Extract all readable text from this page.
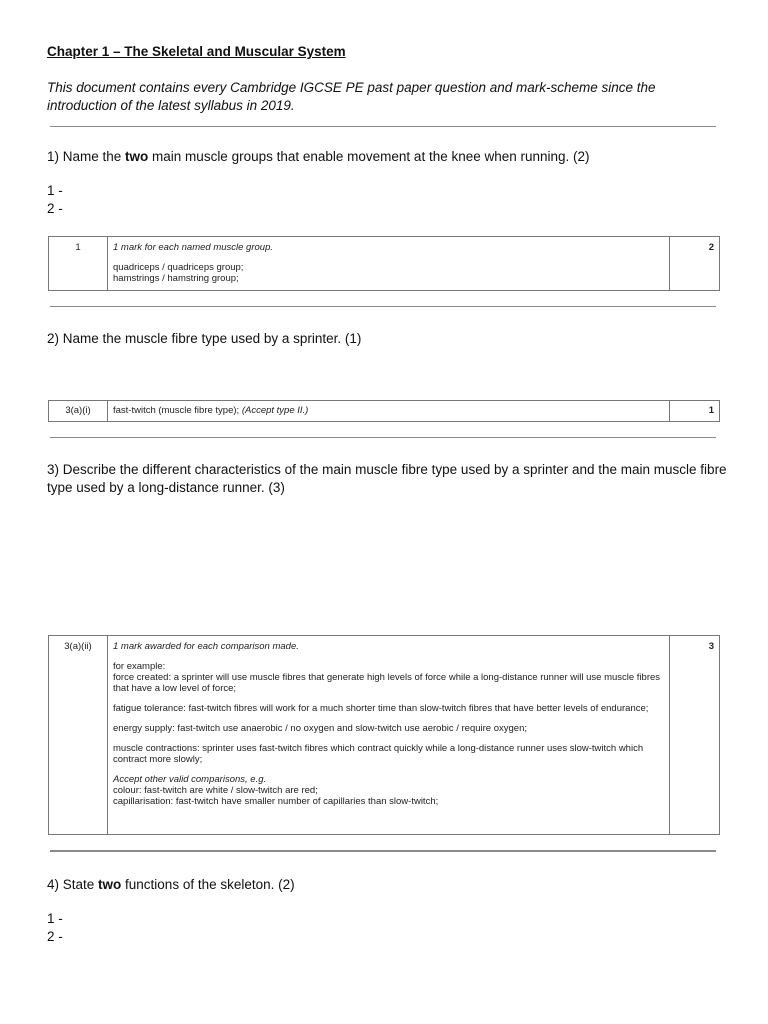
Chapter 1 – The Skeletal and Muscular System
This document contains every Cambridge IGCSE PE past paper question and mark-scheme since the introduction of the latest syllabus in 2019.
1) Name the two main muscle groups that enable movement at the knee when running. (2)
1 -
2 -
1	1 mark for each named muscle group.

quadriceps / quadriceps group;

hamstrings / hamstring group;

	2
2) Name the muscle fibre type used by a sprinter. (1)
3(a)(i)	fast-twitch (muscle fibre type); (Accept type II.)	1
3) Describe the different characteristics of the main muscle fibre type used by a sprinter and the main muscle fibre type used by a long-distance runner. (3)
3(a)(ii)	1 mark awarded for each comparison made.

for example:

force created: a sprinter will use muscle fibres that generate high levels of force while a long-distance runner will use muscle fibres that have a low level of force;

fatigue tolerance: fast-twitch fibres will work for a much shorter time than slow-twitch fibres that have better levels of endurance;

energy supply: fast-twitch use anaerobic / no oxygen and slow-twitch use aerobic / require oxygen;

muscle contractions: sprinter uses fast-twitch fibres which contract quickly while a long-distance runner uses slow-twitch which contract more slowly;

Accept other valid comparisons, e.g.

colour: fast-twitch are white / slow-twitch are red;

capillarisation: fast-twitch have smaller number of capillaries than slow-twitch;

	3
4) State two functions of the skeleton. (2)
1 -
2 -
